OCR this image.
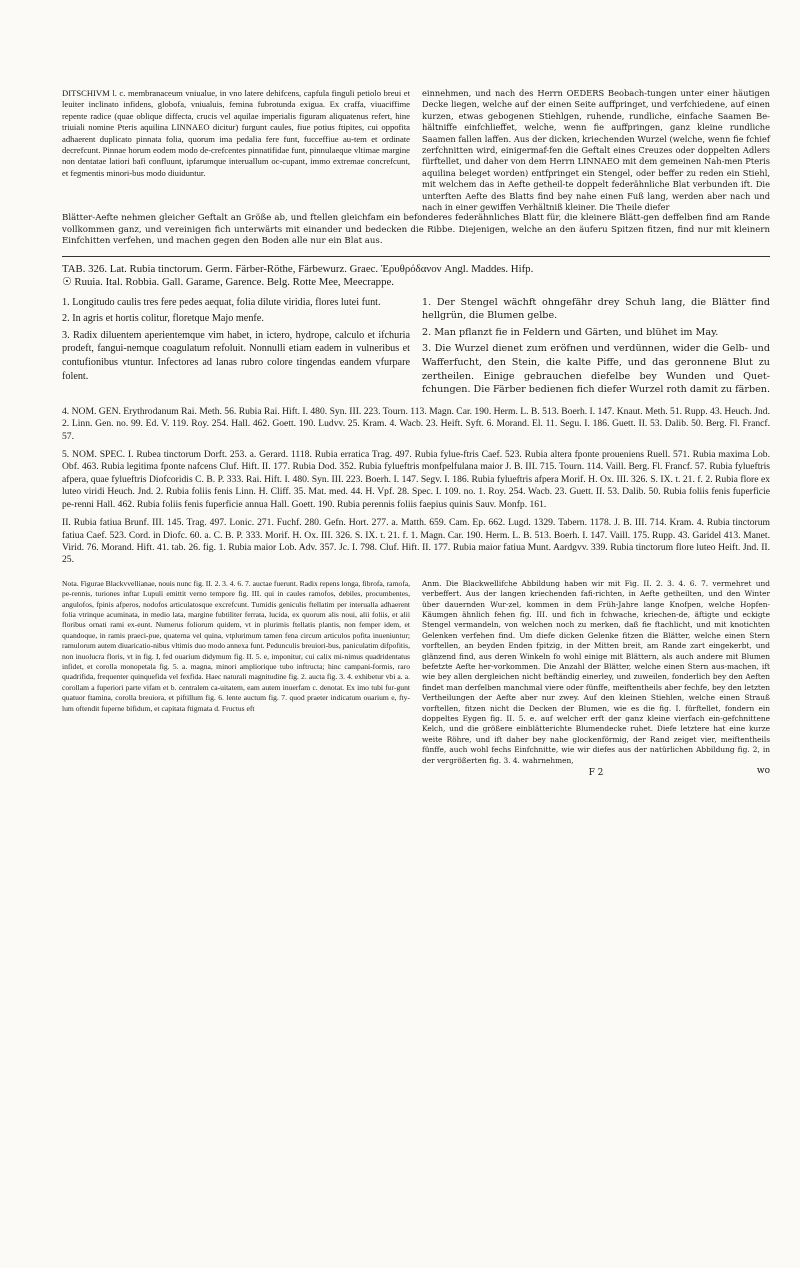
DITSCHIVM l. c. membranaceum vniualue, in vno latere dehifcens, capfula finguli petiolo breui et leuiter inclinato infidens, globofa, vniualuis, femina fubrotunda exigua. Ex craffa, viuaciffime repente radice (quae oblique diffecta, crucis vel aquilae imperialis figuram aliquatenus refert, hine triuiali nomine Pteris aquilina LINNAEO dicitur) furgunt caules, fiue potius ftipites, cui oppofita adhaerent duplicato pinnata folia, quorum ima pedalia fere funt, fucceffiue au-tem et ordinate decrefcunt. Pinnae horum eodem modo de-crefcentes pinnatifidae funt, pinnulaeque vltimae margine non dentatae latiori bafi confluunt, ipfarumque interuallum oc-cupant, immo extremae concrefcunt, et fegmentis minori-bus modo diuiduntur.
einnehmen, und nach des Herrn OEDERS Beobach-tungen unter einer häutigen Decke liegen, welche auf der einen Seite auffpringet, und verfchiedene, auf einen kurzen, etwas gebogenen Stiehlgen, ruhende, rundliche, einfache Saamen Be-hältniffe einfchlieffet, welche, wenn fie auffpringen, ganz kleine rundliche Saamen fallen laffen. Aus der dicken, kriechenden Wurzel (welche, wenn fie fchief zerfchnitten wird, einigermaf-fen die Geftalt eines Creuzes oder doppelten Adlers fürftellet, und daher von dem Herrn LINNAEO mit dem gemeinen Nah-men Pteris aquilina beleget worden) entfpringet ein Stengel, oder beffer zu reden ein Stiehl, mit welchem das in Aefte getheil-te doppelt federähnliche Blat verbunden ift. Die unterften Aefte des Blatts find bey nahe einen Fuß lang, werden aber nach und nach in einer gewiffen Verhältniß kleiner. Die Theile diefer

Blätter-Aefte nehmen gleicher Geftalt an Größe ab, und ftellen gleichfam ein befonderes federähnliches Blatt für, die kleinere Blätt-gen deffelben find am Rande vollkommen ganz, und vereinigen fich unterwärts mit einander und bedecken die Ribbe. Diejenigen, welche an den äuferu Spitzen fitzen, find nur mit kleinern Einfchitten verfehen, und machen gegen den Boden alle nur ein Blat aus.

TAB. 326. Lat. Rubia tinctorum. Germ. Färber-Röthe, Färbewurz. Graec. Ἐρυθρόδανον Angl. Maddes. Hifp.

☉ Ruuia. Ital. Robbia. Gall. Garame, Garence. Belg. Rotte Mee, Meecrappe.

1. Longitudo caulis tres fere pedes aequat, folia dilute viridia, flores lutei funt.

2. In agris et hortis colitur, floretque Majo menfe.

3. Radix diluentem aperientemque vim habet, in ictero, hydrope, calculo et ifchuria prodeft, fangui-nemque coagulatum refoluit. Nonnulli etiam eadem in vulneribus et contufionibus vtuntur. Infectores ad lanas rubro colore tingendas eandem vfurpare folent.

1. Der Stengel wächft ohngefähr drey Schuh lang, die Blätter find hellgrün, die Blumen gelbe.

2. Man pflanzt fie in Feldern und Gärten, und blühet im May.

3. Die Wurzel dienet zum eröfnen und verdünnen, wider die Gelb- und Wafferfucht, den Stein, die kalte Piffe, und das geronnene Blut zu zertheilen. Einige gebrauchen diefelbe bey Wunden und Quet-fchungen. Die Färber bedienen fich diefer Wurzel roth damit zu färben.

4. NOM. GEN. Erythrodanum Rai. Meth. 56. Rubia Rai. Hift. I. 480. Syn. III. 223. Tourn. 113. Magn. Car. 190. Herm. L. B. 513. Boerh. I. 147. Knaut. Meth. 51. Rupp. 43. Heuch. Jnd. 2. Linn. Gen. no. 99. Ed. V. 119. Roy. 254. Hall. 462. Goett. 190. Ludvv. 25. Kram. 4. Wacb. 23. Heift. Syft. 6. Morand. El. 11. Segu. I. 186. Guett. II. 53. Dalib. 50. Berg. Fl. Francf. 57.

5. NOM. SPEC. I. Rubea tinctorum Dorft. 253. a. Gerard. 1118. Rubia erratica Trag. 497. Rubia fylue-ftris Caef. 523. Rubia altera fponte proueniens Ruell. 571. Rubia maxima Lob. Obf. 463. Rubia legitima fponte nafcens Cluf. Hift. II. 177. Rubia Dod. 352. Rubia fylueftris monfpelfulana maior J. B. III. 715. Tourn. 114. Vaill. Berg. Fl. Francf. 57. Rubia fylueftris afpera, quae fylueftris Diofcoridis C. B. P. 333. Rai. Hift. I. 480. Syn. III. 223. Boerh. I. 147. Segv. I. 186. Rubia fylueftris afpera Morif. H. Ox. III. 326. S. IX. t. 21. f. 2. Rubia flore ex luteo viridi Heuch. Jnd. 2. Rubia foliis fenis Linn. H. Cliff. 35. Mat. med. 44. H. Vpf. 28. Spec. I. 109. no. 1. Roy. 254. Wacb. 23. Guett. II. 53. Dalib. 50. Rubia foliis fenis fuperficie pe-renni Hall. 462. Rubia foliis fenis fuperficie annua Hall. Goett. 190. Rubia perennis foliis faepius quinis Sauv. Monfp. 161.

II. Rubia fatiua Brunf. III. 145. Trag. 497. Lonic. 271. Fuchf. 280. Gefn. Hort. 277. a. Matth. 659. Cam. Ep. 662. Lugd. 1329. Tabern. 1178. J. B. III. 714. Kram. 4. Rubia tinctorum fatiua Caef. 523. Cord. in Diofc. 60. a. C. B. P. 333. Morif. H. Ox. III. 326. S. IX. t. 21. f. 1. Magn. Car. 190. Herm. L. B. 513. Boerh. I. 147. Vaill. 175. Rupp. 43. Garidel 413. Manet. Virid. 76. Morand. Hift. 41. tab. 26. fig. 1. Rubia maior Lob. Adv. 357. Jc. I. 798. Cluf. Hift. II. 177. Rubia maior fatiua Munt. Aardgvv. 339. Rubia tinctorum flore luteo Heift. Jnd. II. 25.

Nota. Figurae Blackvvellianae, nouis nunc fig. II. 2. 3. 4. 6. 7. auctae fuerunt. Radix repens longa, fibrofa, ramofa, pe-rennis, turiones inftar Lupuli emittit verno tempore fig. III. qui in caules ramofos, debiles, procumbentes, angulofos, fpinis afperos, nodofos articulatosque excrefcunt. Tumidis geniculis ftellatim per interualla adhaerent folia vtrinque acuminata, in medio lata, margine fubtiliter ferrata, lucida, ex quorum alis noui, alii foliis, et alii floribus ornati rami ex-eunt. Numerus foliorum quidem, vt in plurimis ftellatis plantis, non femper idem, et quandoque, in ramis praeci-pue, quaterna vel quina, vtplurimum tamen fena circum articulos pofita inueniuntur; ramulorum autem diuaricatio-nibus vltimis duo modo annexa funt. Pedunculis breuiori-bus, paniculatim difpofitis, non inuolucra floris, vt in fig. I, fed ouarium didymum fig. II. 5. e, imponitur, cui calix mi-nimus quadridentatus infidet, et corolla monopetala fig. 5. a. magna, minori ampliorique tubo inftructa; hinc campani-formis, raro quadrifida, frequenter quinquefida vel fexfida. Haec naturali magnitudine fig. 2. aucta fig. 3. 4. exhibetur vbi a. a. corollam a fuperiori parte vifam et b. centralem ca-uitatem, eam autem inuerfam c. denotat. Ex imo tubi fur-gunt quatuor ftamina, corolla breuiora, et piftillum fig. 6. lente auctum fig. 7. quod praeter indicatum ouarium e, fty-lum oftendit fuperne bifidum, et capitata ftigmata d. Fructus eft

Anm. Die Blackwellifche Abbildung haben wir mit Fig. II. 2. 3. 4. 6. 7. vermehret und verbeffert. Aus der langen kriechenden fafi-richten, in Aefte getheilten, und den Winter über dauernden Wur-zel, kommen in dem Früh-Jahre lange Knofpen, welche Hopfen-Käumgen ähnlich fehen fig. III. und fich in fchwache, kriechen-de, äftigte und eckigte Stengel vermandeln, von welchen noch zu merken, daß fie ftachlicht, und mit knotichten Gelenken verfehen find. Um diefe dicken Gelenke fitzen die Blätter, welche einen Stern vorftellen, an beyden Enden fpitzig, in der Mitten breit, am Rande zart eingekerbt, und glänzend find, aus deren Winkeln fo wohl einige mit Blättern, als auch andere mit Blumen befetzte Aefte her-vorkommen. Die Anzahl der Blätter, welche einen Stern aus-machen, ift wie bey allen dergleichen nicht beftändig einerley, und zuweilen, fonderlich bey den Aeften findet man derfelben manchmal viere oder fünffe, meiftentheils aber fechfe, bey den letzten Vertheilungen der Aefte aber nur zwey. Auf den kleinen Stiehlen, welche einen Strauß vorftellen, fitzen nicht die Decken der Blumen, wie es die fig. I. fürftellet, fondern ein doppeltes Eygen fig. II. 5. e. auf welcher erft der ganz kleine vierfach ein-gefchnittene Kelch, und die größere einblätterichte Blumendecke ruhet. Diefe letztere hat eine kurze weite Röhre, und ift daher bey nahe glockenförmig, der Rand zeiget vier, meiftentheils fünffe, auch wohl fechs Einfchnitte, wie wir diefes aus der natürlichen Abbildung fig. 2, in der vergrößerten fig. 3. 4. wahrnehmen,

F 2	wo
